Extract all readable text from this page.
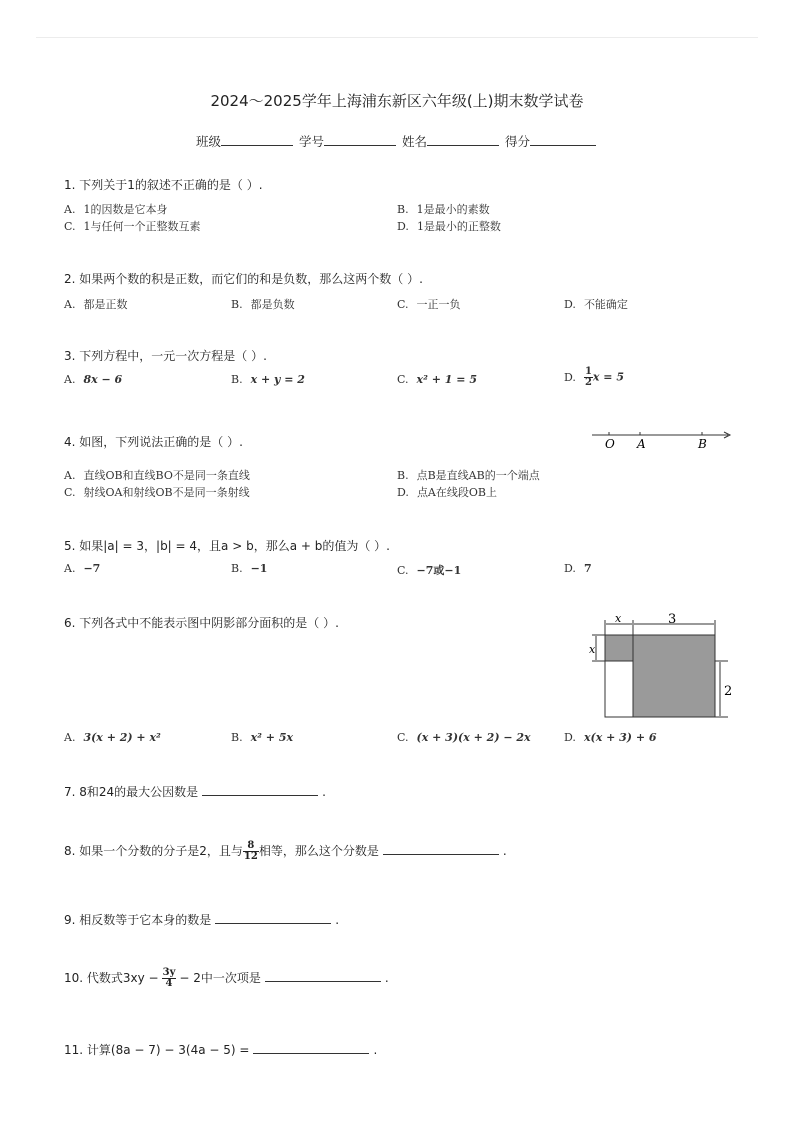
2024～2025学年上海浦东新区六年级(上)期末数学试卷
班级	学号	姓名	得分
1. 下列关于1的叙述不正确的是（ ）.
A. 1的因数是它本身	B. 1是最小的素数
C. 1与任何一个正整数互素	D. 1是最小的正整数
2. 如果两个数的积是正数，而它们的和是负数，那么这两个数（ ）.
A. 都是正数	B. 都是负数	C. 一正一负	D. 不能确定
3. 下列方程中，一元一次方程是（ ）.
A. 8x − 6	B. x + y = 2	C. x² + 1 = 5	D. $\frac{1}{2}$ x = 5
4. 如图，下列说法正确的是（ ）.	O A	B
A. 直线OB和直线BO不是同一条直线	B. 点B是直线AB的一个端点
C. 射线OA和射线OB不是同一条射线	D. 点A在线段OB上
5. 如果|a| = 3，|b| = 4，且a > b，那么a + b的值为（ ）.
A. −7	B. −1	C. −7或−1	D. 7
6. 下列各式中不能表示图中阴影部分面积的是（ ）.	x	3
x
2
A. 3(x + 2) + x²	B. x² + 5x	C. (x + 3)(x + 2) − 2x	D. x(x + 3) + 6
7. 8和24的最大公因数是	.
8. 如果一个分数的分子是2，且与 $\frac{8}{12}$ 相等，那么这个分数是	.
9. 相反数等于它本身的数是	.
10. 代数式$3xy - \frac{3y}{4} - 2$中一次项是	.
11. 计算(8a − 7) − 3(4a − 5) =	.
